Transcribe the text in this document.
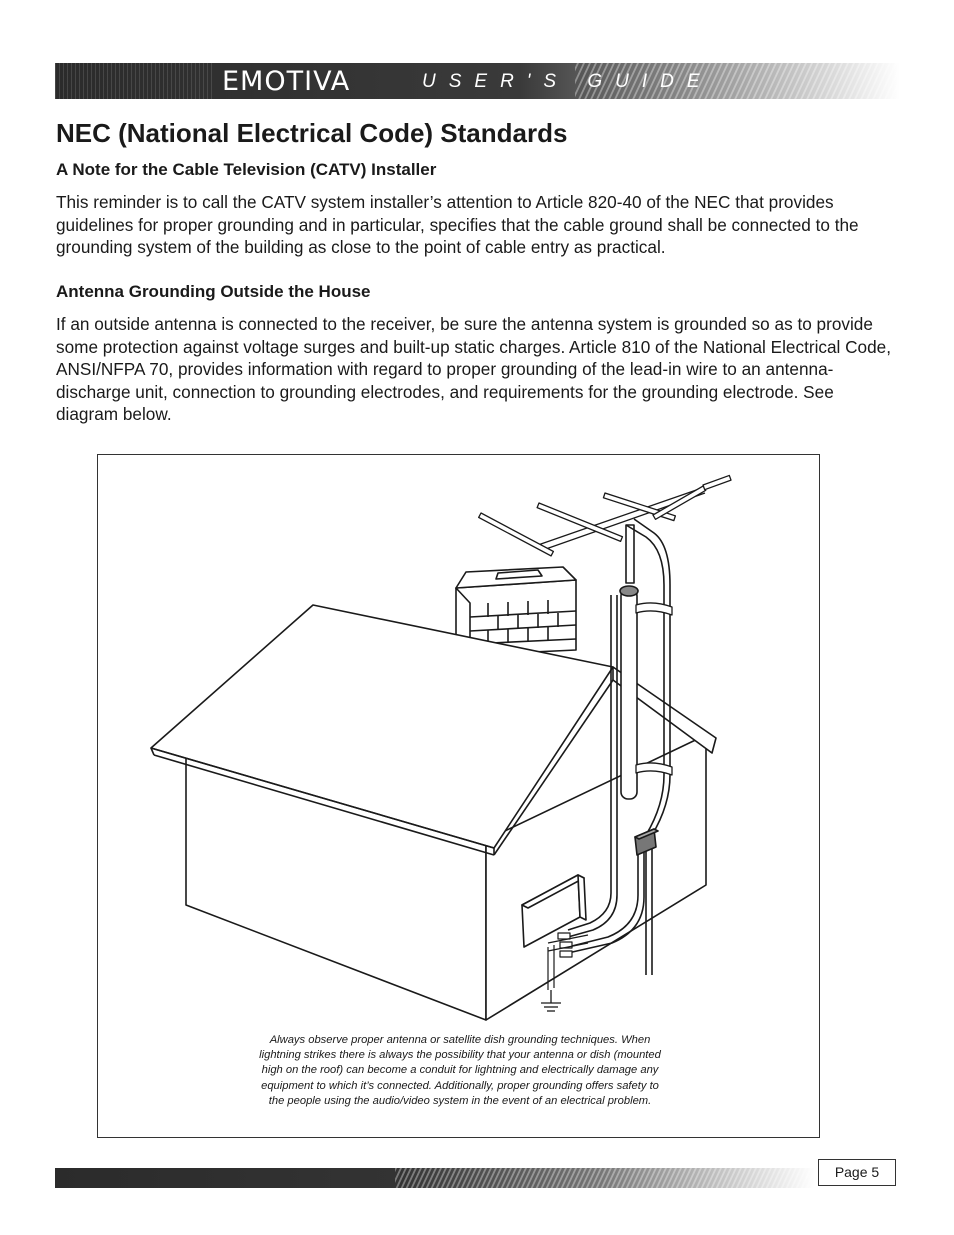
EMOTIVA	USER'S GUIDE
NEC (National Electrical Code) Standards
A Note for the Cable Television (CATV) Installer

This reminder is to call the CATV system installer’s attention to Article 820-40 of the NEC that provides guidelines for proper grounding and in particular, specifies that the cable ground shall be connected to the grounding system of the building as close to the point of cable entry as practical.

Antenna Grounding Outside the House

If an outside antenna is connected to the receiver, be sure the antenna system is grounded so as to provide some protection against voltage surges and built-up static charges. Article 810 of the National Electrical Code, ANSI/NFPA 70, provides information with regard to proper grounding of the lead-in wire to an antenna-discharge unit, connection to grounding electrodes, and requirements for the grounding electrode. See diagram below.

Always observe proper antenna or satellite dish grounding techniques. When lightning strikes there is always the possibility that your antenna or dish (mounted high on the roof) can become a conduit for lightning and electrically damage any equipment to which it’s connected. Additionally, proper grounding offers safety to the people using the audio/video system in the event of an electrical problem.
Page 5
